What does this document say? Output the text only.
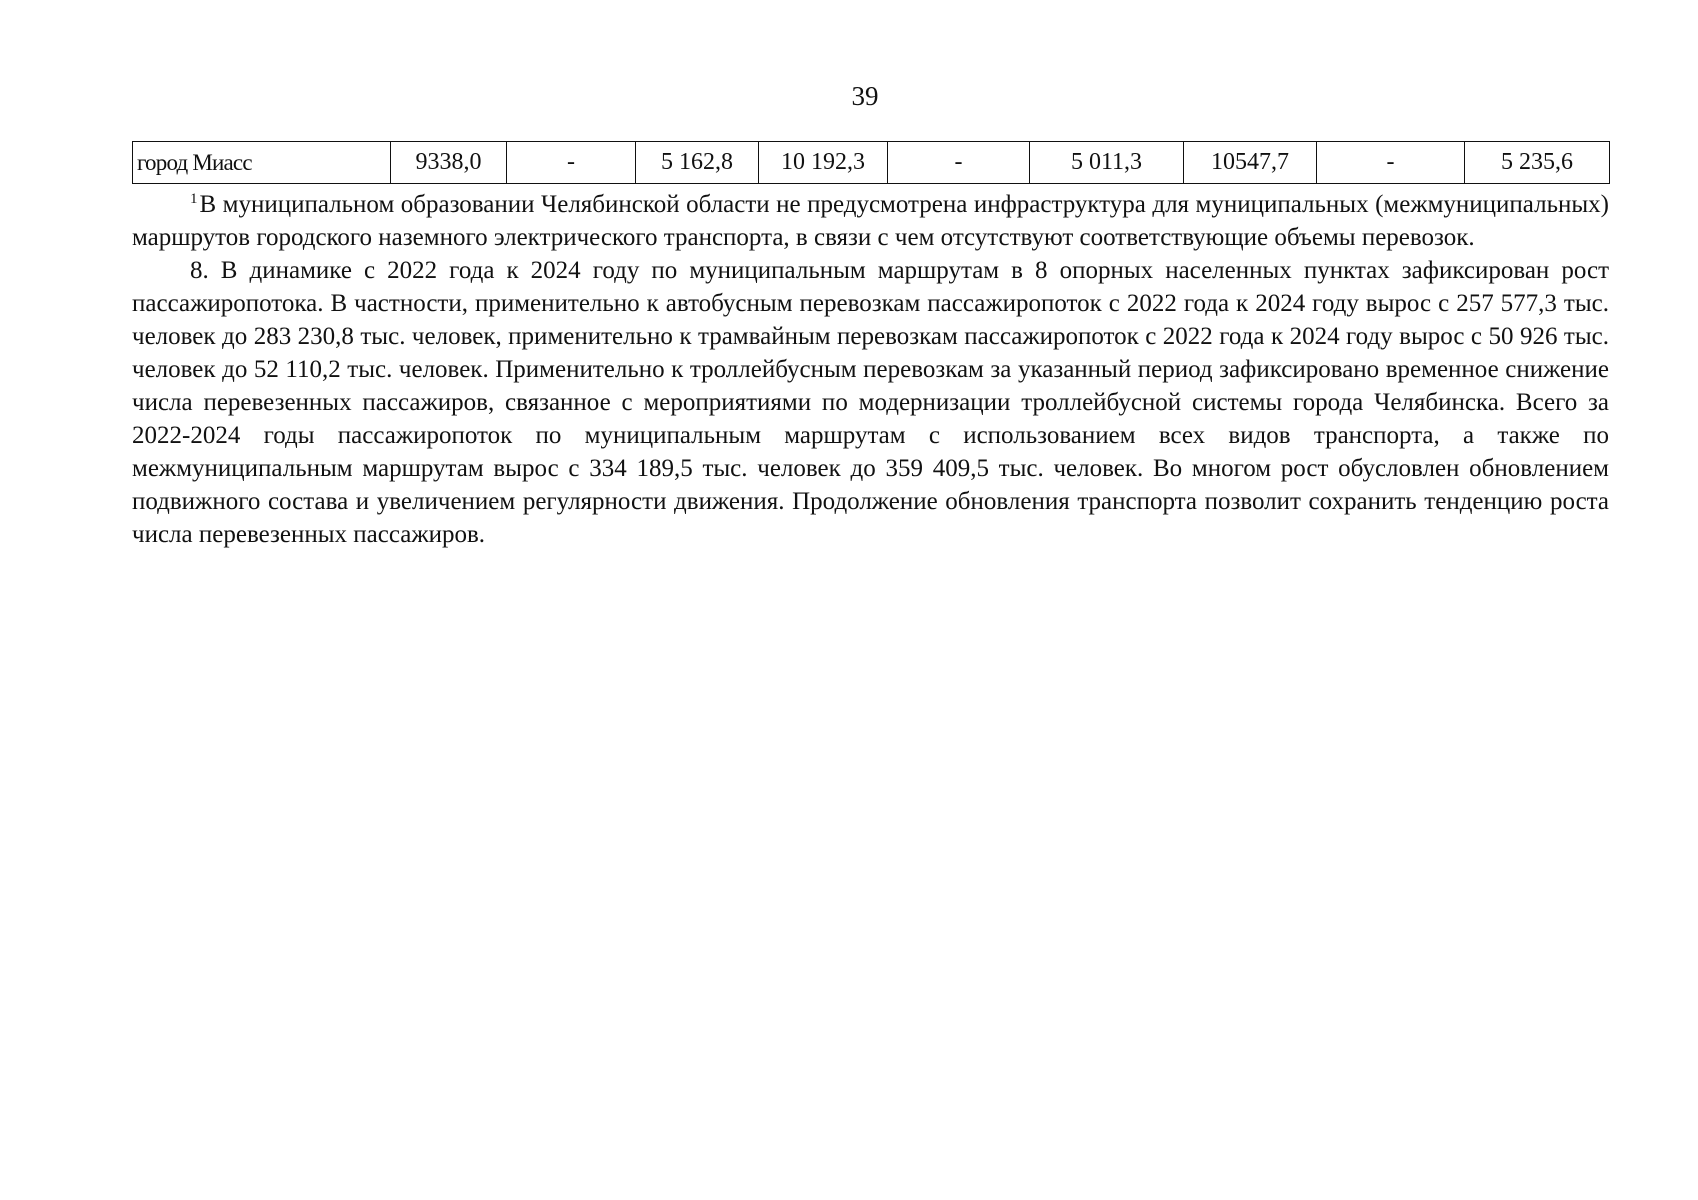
39
город Миасс	9338,0	-	5 162,8	10 192,3	-	5 011,3	10547,7	-	5 235,6

$^1$В муниципальном образовании Челябинской области не предусмотрена инфраструктура для муниципальных (межмуниципальных) маршрутов городского наземного электрического транспорта, в связи с чем отсутствуют соответствующие объемы перевозок.

8. В динамике с 2022 года к 2024 году по муниципальным маршрутам в 8 опорных населенных пунктах зафиксирован рост пассажиропотока. В частности, применительно к автобусным перевозкам пассажиропоток с 2022 года к 2024 году вырос с 257 577,3 тыс. человек до 283 230,8 тыс. человек, применительно к трамвайным перевозкам пассажиропоток с 2022 года к 2024 году вырос с 50 926 тыс. человек до 52 110,2 тыс. человек. Применительно к троллейбусным перевозкам за указанный период зафиксировано временное снижение числа перевезенных пассажиров, связанное с мероприятиями по модернизации троллейбусной системы города Челябинска. Всего за 2022-2024 годы пассажиропоток по муниципальным маршрутам с использованием всех видов транспорта, а также по межмуниципальным маршрутам вырос с 334 189,5 тыс. человек до 359 409,5 тыс. человек. Во многом рост обусловлен обновлением подвижного состава и увеличением регулярности движения. Продолжение обновления транспорта позволит сохранить тенденцию роста числа перевезенных пассажиров.
